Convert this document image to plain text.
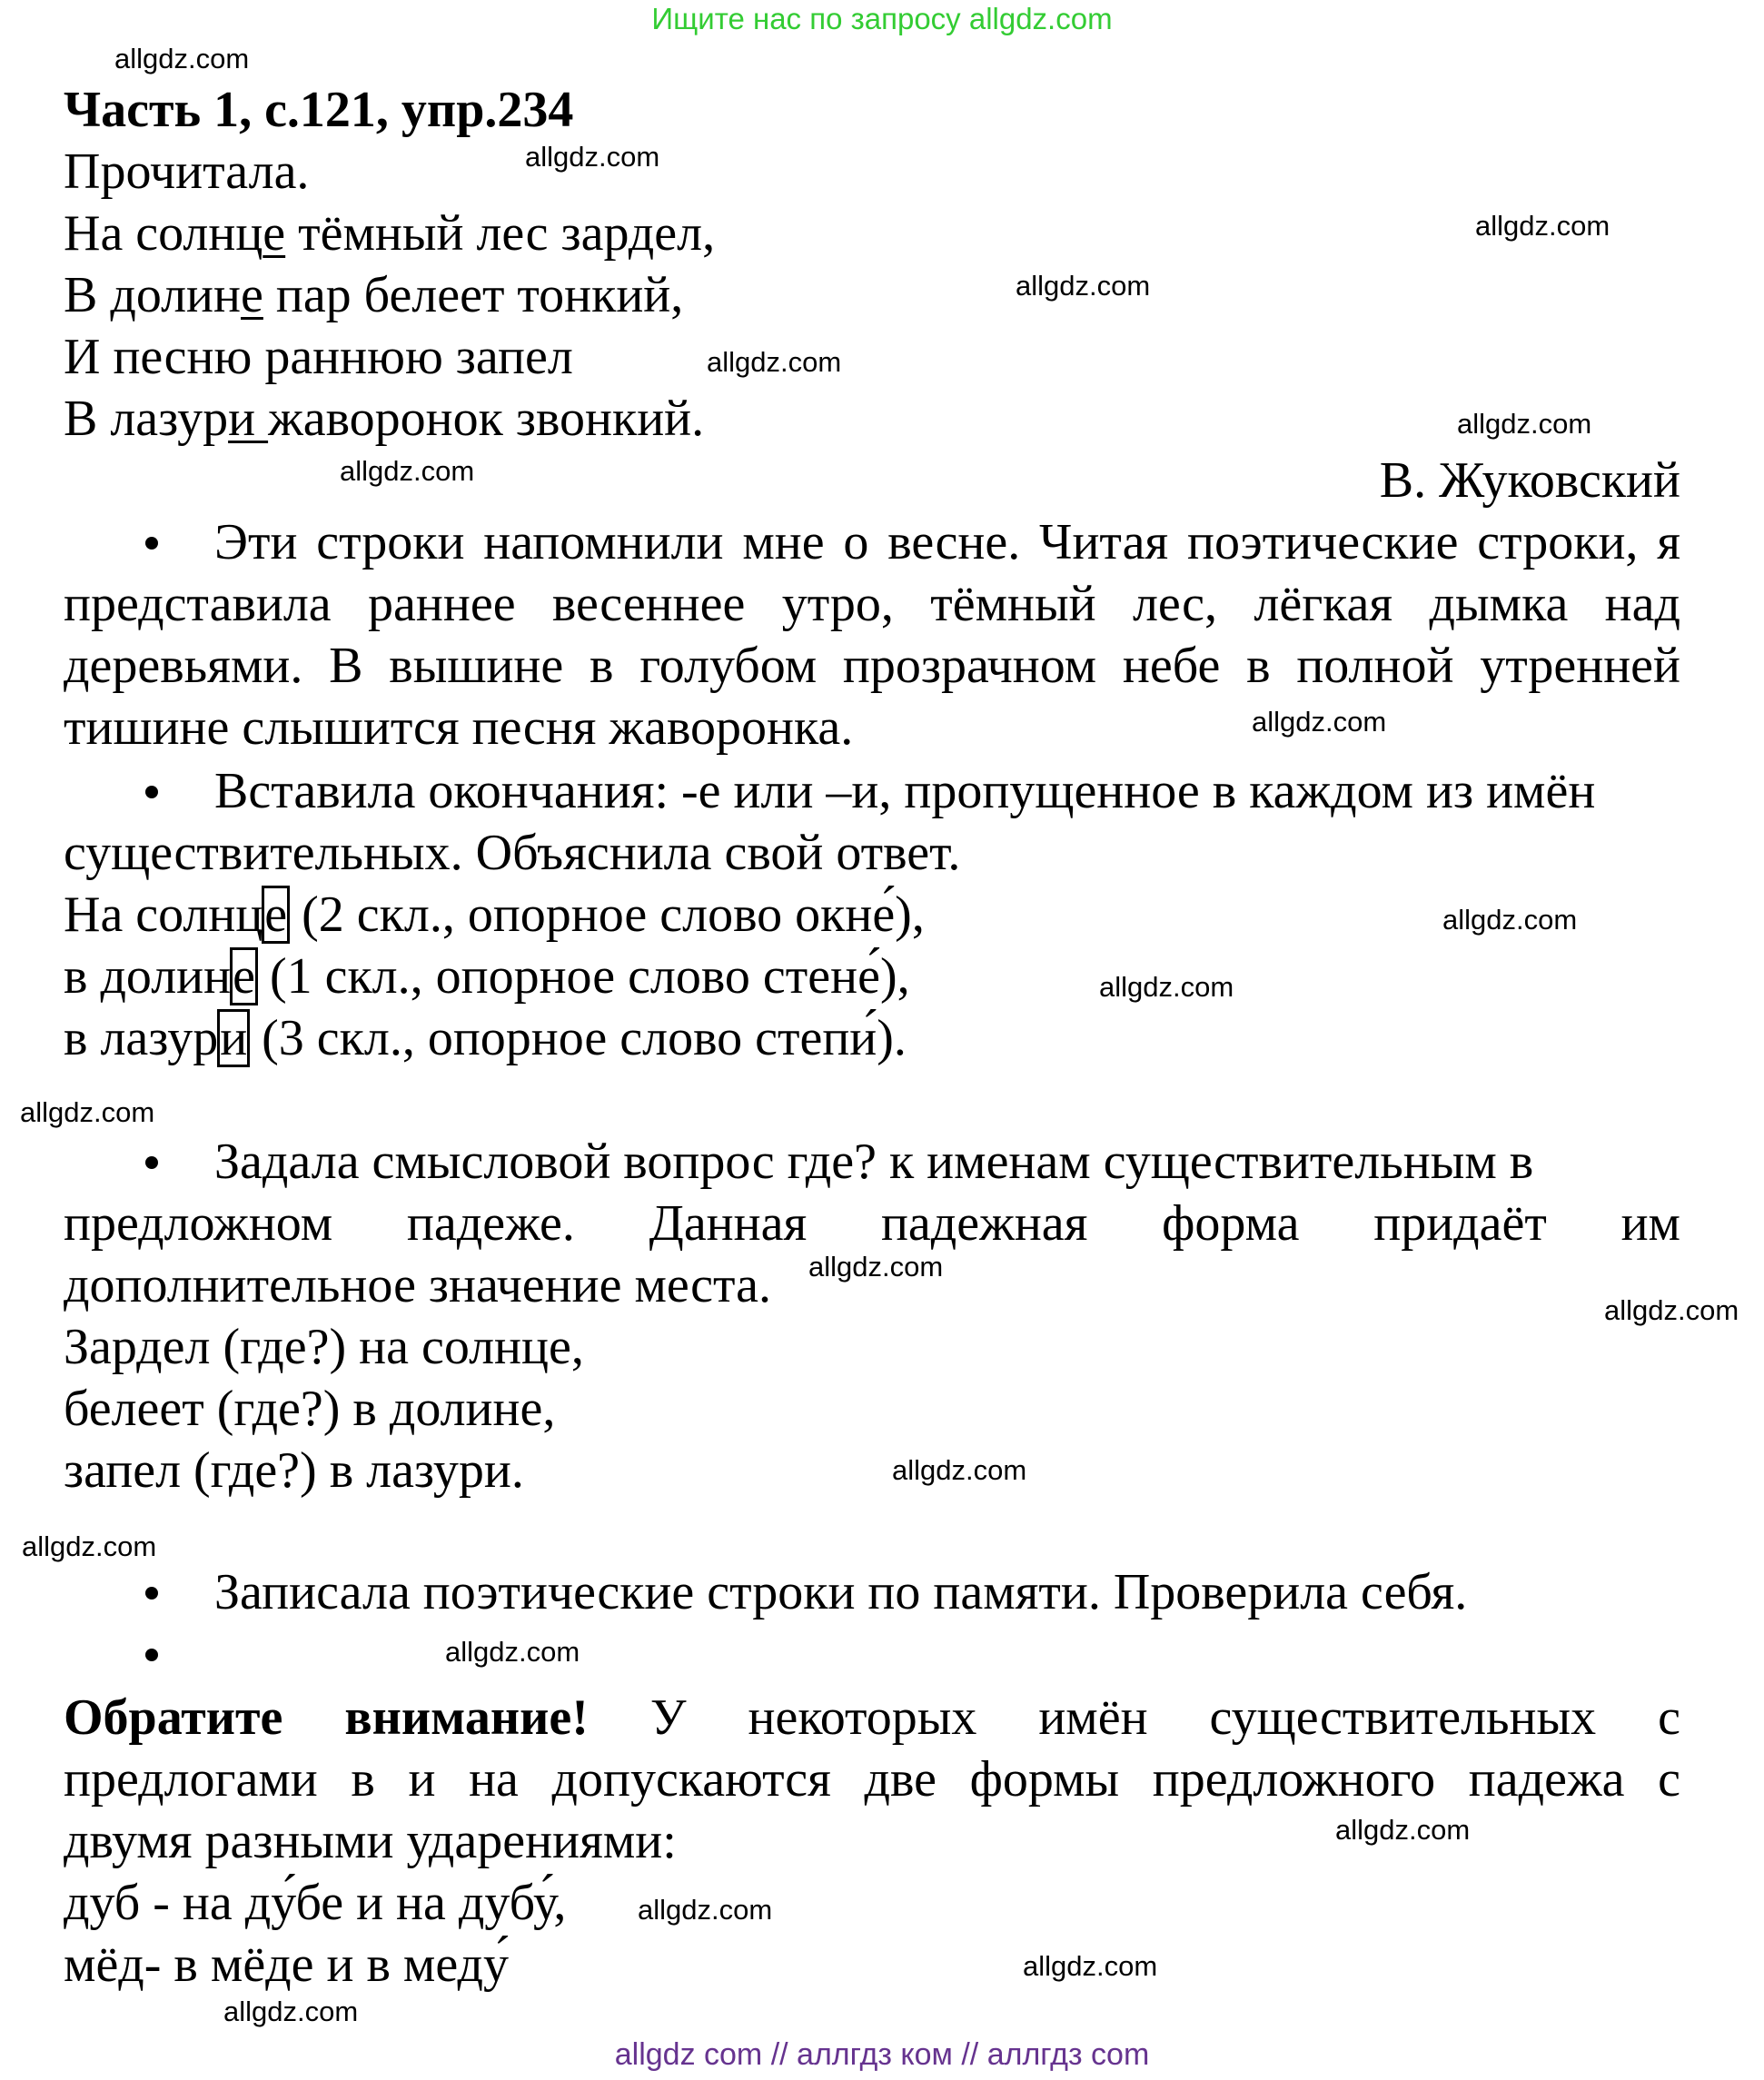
Ищите нас по запросу allgdz.com
Часть 1, с.121, упр.234
Прочитала.
На солнце тёмный лес зардел,
В долине пар белеет тонкий,
И песню раннюю запел
В лазури жаворонок звонкий.
В. Жуковский
Эти строки напомнили мне о весне. Читая поэтические строки, я
представила раннее весеннее утро, тёмный лес, лёгкая дымка над
деревьями. В вышине в голубом прозрачном небе в полной утренней
тишине слышится песня жаворонка.
Вставила окончания: -е или –и, пропущенное в каждом из имён
существительных. Объяснила свой ответ.
На солнце (2 скл., опорное слово окне́),
в долине (1 скл., опорное слово стене́),
в лазури (3 скл., опорное слово степи́).
Задала смысловой вопрос где? к именам существительным в
предложном падеже. Данная падежная форма придаёт им
дополнительное значение места.
Зардел (где?) на солнце,
белеет (где?) в долине,
запел (где?) в лазури.
Записала поэтические строки по памяти. Проверила себя.
Обратите внимание! У некоторых имён существительных с
предлогами в и на допускаются две формы предложного падежа с
двумя разными ударениями:
дуб - на ду́бе и на дубу́,
мёд- в мёде и в меду́
allgdz.com
allgdz.com
allgdz.com
allgdz.com
allgdz.com
allgdz.com
allgdz.com
allgdz.com
allgdz.com
allgdz.com
allgdz.com
allgdz.com
allgdz.com
allgdz.com
allgdz.com
allgdz.com
allgdz.com
allgdz.com
allgdz.com
allgdz.com
allgdz com // аллгдз ком // аллгдз com
